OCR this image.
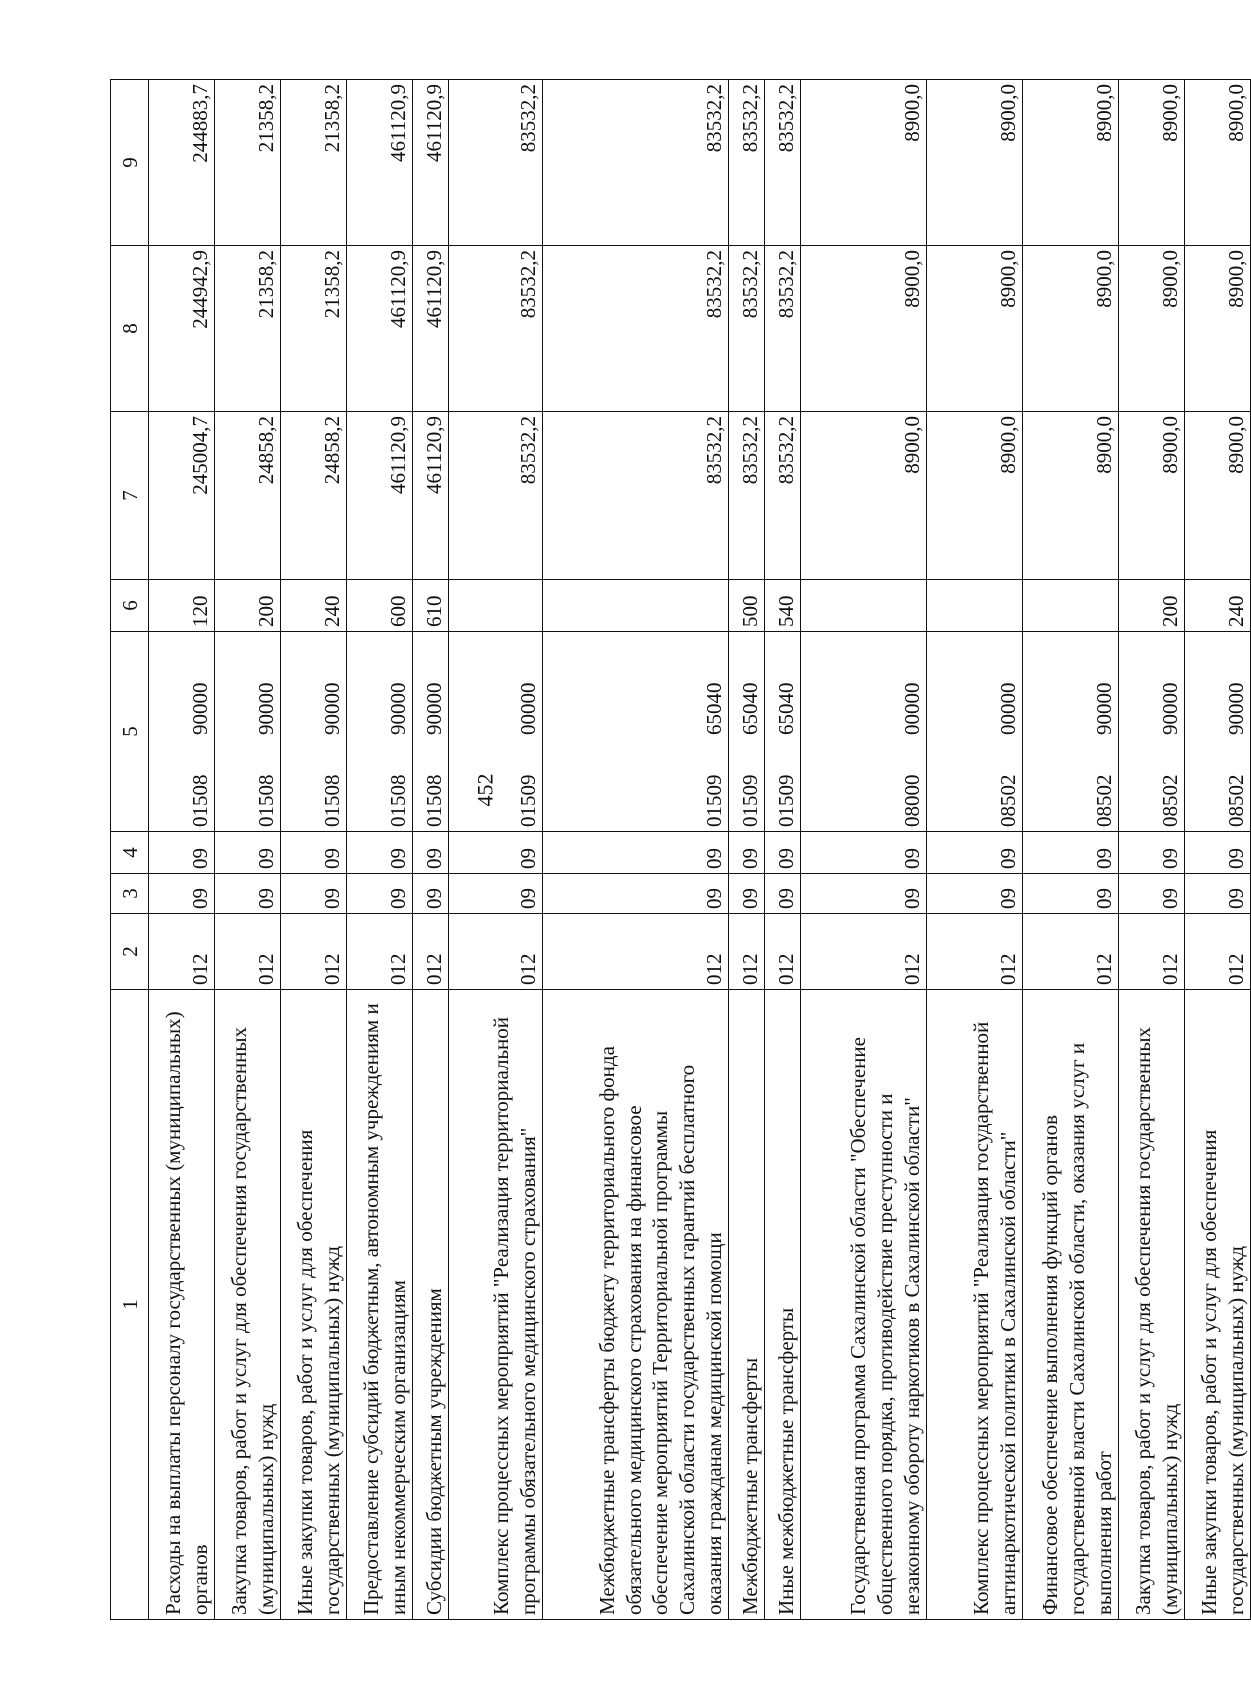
452
1	2	3	4	5	6	7	8	9
Расходы на выплаты персоналу государственных (муниципальных) органов	012	09	09	0150890000	120	245004,7	244942,9	244883,7
Закупка товаров, работ и услуг для обеспечения государственных (муниципальных) нужд	012	09	09	0150890000	200	24858,2	21358,2	21358,2
Иные закупки товаров, работ и услуг для обеспечения государственных (муниципальных) нужд	012	09	09	0150890000	240	24858,2	21358,2	21358,2
Предоставление субсидий бюджетным, автономным учреждениям и иным некоммерческим организациям	012	09	09	0150890000	600	461120,9	461120,9	461120,9
Субсидии бюджетным учреждениям	012	09	09	0150890000	610	461120,9	461120,9	461120,9
Комплекс процессных мероприятий "Реализация территориальной программы обязательного медицинского страхования"	012	09	09	0150900000		83532,2	83532,2	83532,2
Межбюджетные трансферты бюджету территориального фонда обязательного медицинского страхования на финансовое обеспечение мероприятий Территориальной программы Сахалинской области государственных гарантий бесплатного оказания гражданам медицинской помощи	012	09	09	0150965040		83532,2	83532,2	83532,2
Межбюджетные трансферты	012	09	09	0150965040	500	83532,2	83532,2	83532,2
Иные межбюджетные трансферты	012	09	09	0150965040	540	83532,2	83532,2	83532,2
Государственная программа Сахалинской области "Обеспечение общественного порядка, противодействие преступности и незаконному обороту наркотиков в Сахалинской области"	012	09	09	0800000000		8900,0	8900,0	8900,0
Комплекс процессных мероприятий "Реализация государственной антинаркотической политики в Сахалинской области"	012	09	09	0850200000		8900,0	8900,0	8900,0
Финансовое обеспечение выполнения функций органов государственной власти Сахалинской области, оказания услуг и выполнения работ	012	09	09	0850290000		8900,0	8900,0	8900,0
Закупка товаров, работ и услуг для обеспечения государственных (муниципальных) нужд	012	09	09	0850290000	200	8900,0	8900,0	8900,0
Иные закупки товаров, работ и услуг для обеспечения государственных (муниципальных) нужд	012	09	09	0850290000	240	8900,0	8900,0	8900,0
